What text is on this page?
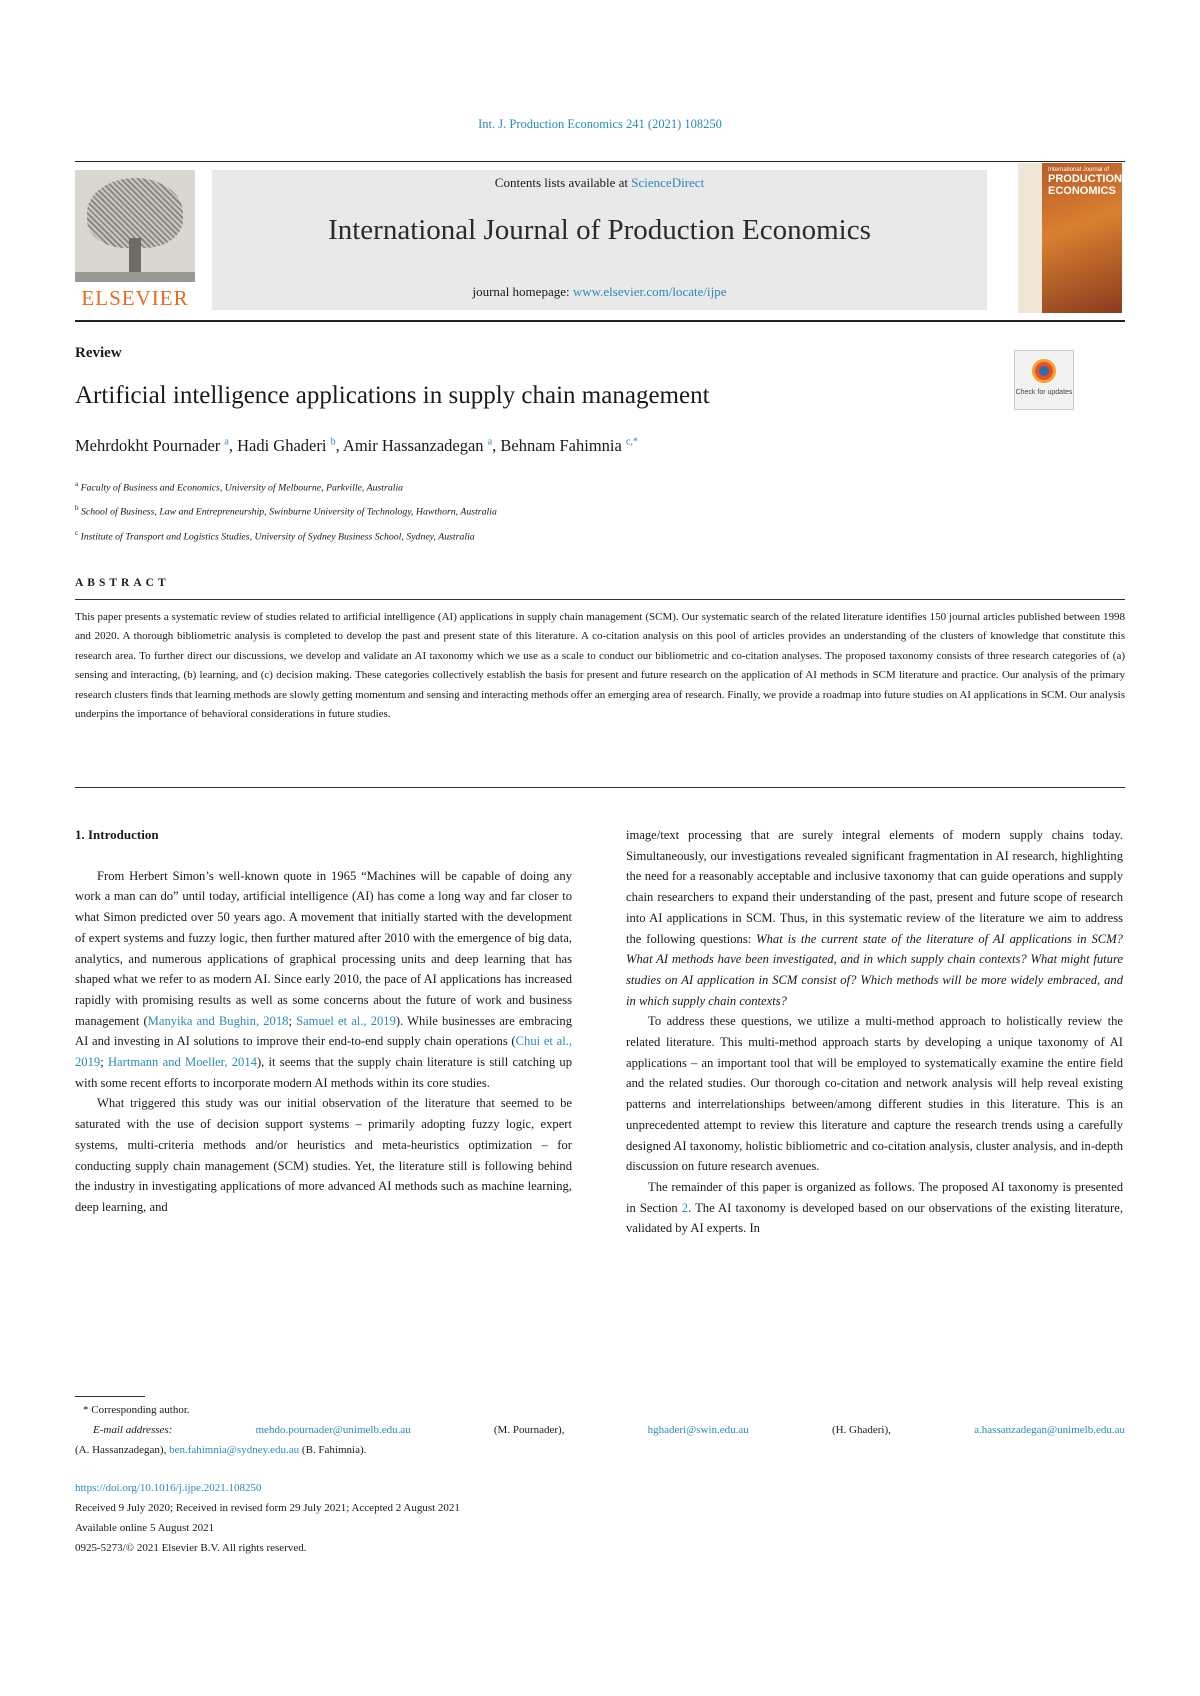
Int. J. Production Economics 241 (2021) 108250
ELSEVIER
Contents lists available at ScienceDirect
International Journal of Production Economics
journal homepage: www.elsevier.com/locate/ijpe
International Journal of
PRODUCTION ECONOMICS
Review
Artificial intelligence applications in supply chain management	Check for updates
Mehrdokht Pournader $^a$, Hadi Ghaderi $^b$, Amir Hassanzadegan $^a$, Behnam Fahimnia $^{c,*}$
$^a$ Faculty of Business and Economics, University of Melbourne, Parkville, Australia
$^b$ School of Business, Law and Entrepreneurship, Swinburne University of Technology, Hawthorn, Australia
$^c$ Institute of Transport and Logistics Studies, University of Sydney Business School, Sydney, Australia
ABSTRACT
This paper presents a systematic review of studies related to artificial intelligence (AI) applications in supply chain management (SCM). Our systematic search of the related literature identifies 150 journal articles published between 1998 and 2020. A thorough bibliometric analysis is completed to develop the past and present state of this literature. A co-citation analysis on this pool of articles provides an understanding of the clusters of knowledge that constitute this research area. To further direct our discussions, we develop and validate an AI taxonomy which we use as a scale to conduct our bibliometric and co-citation analyses. The proposed taxonomy consists of three research categories of (a) sensing and interacting, (b) learning, and (c) decision making. These categories collectively establish the basis for present and future research on the application of AI methods in SCM literature and practice. Our analysis of the primary research clusters finds that learning methods are slowly getting momentum and sensing and interacting methods offer an emerging area of research. Finally, we provide a roadmap into future studies on AI applications in SCM. Our analysis underpins the importance of behavioral considerations in future studies.

1. Introduction

From Herbert Simon’s well-known quote in 1965 “Machines will be capable of doing any work a man can do” until today, artificial intelligence (AI) has come a long way and far closer to what Simon predicted over 50 years ago. A movement that initially started with the development of expert systems and fuzzy logic, then further matured after 2010 with the emergence of big data, analytics, and numerous applications of graphical processing units and deep learning that has shaped what we refer to as modern AI. Since early 2010, the pace of AI applications has increased rapidly with promising results as well as some concerns about the future of work and business management (Manyika and Bughin, 2018; Samuel et al., 2019). While businesses are embracing AI and investing in AI solutions to improve their end-to-end supply chain operations (Chui et al., 2019; Hartmann and Moeller, 2014), it seems that the supply chain literature is still catching up with some recent efforts to incorporate modern AI methods within its core studies.

What triggered this study was our initial observation of the literature that seemed to be saturated with the use of decision support systems – primarily adopting fuzzy logic, expert systems, multi-criteria methods and/or heuristics and meta-heuristics optimization – for conducting supply chain management (SCM) studies. Yet, the literature still is following behind the industry in investigating applications of more advanced AI methods such as machine learning, deep learning, and

image/text processing that are surely integral elements of modern supply chains today. Simultaneously, our investigations revealed significant fragmentation in AI research, highlighting the need for a reasonably acceptable and inclusive taxonomy that can guide operations and supply chain researchers to expand their understanding of the past, present and future scope of research into AI applications in SCM. Thus, in this systematic review of the literature we aim to address the following questions: What is the current state of the literature of AI applications in SCM? What AI methods have been investigated, and in which supply chain contexts? What might future studies on AI application in SCM consist of? Which methods will be more widely embraced, and in which supply chain contexts?

To address these questions, we utilize a multi-method approach to holistically review the related literature. This multi-method approach starts by developing a unique taxonomy of AI applications – an important tool that will be employed to systematically examine the entire field and the related studies. Our thorough co-citation and network analysis will help reveal existing patterns and interrelationships between/among different studies in this literature. This is an unprecedented attempt to review this literature and capture the research trends using a carefully designed AI taxonomy, holistic bibliometric and co-citation analysis, cluster analysis, and in-depth discussion on future research avenues.

The remainder of this paper is organized as follows. The proposed AI taxonomy is presented in Section 2. The AI taxonomy is developed based on our observations of the existing literature, validated by AI experts. In

* Corresponding author.
E-mail addresses:	mehdo.pournader@unimelb.edu.au	(M. Pournader),	hghaderi@swin.edu.au	(H. Ghaderi),	a.hassanzadegan@unimelb.edu.au
(A. Hassanzadegan), ben.fahimnia@sydney.edu.au (B. Fahimnia).
https://doi.org/10.1016/j.ijpe.2021.108250
Received 9 July 2020; Received in revised form 29 July 2021; Accepted 2 August 2021
Available online 5 August 2021
0925-5273/© 2021 Elsevier B.V. All rights reserved.
